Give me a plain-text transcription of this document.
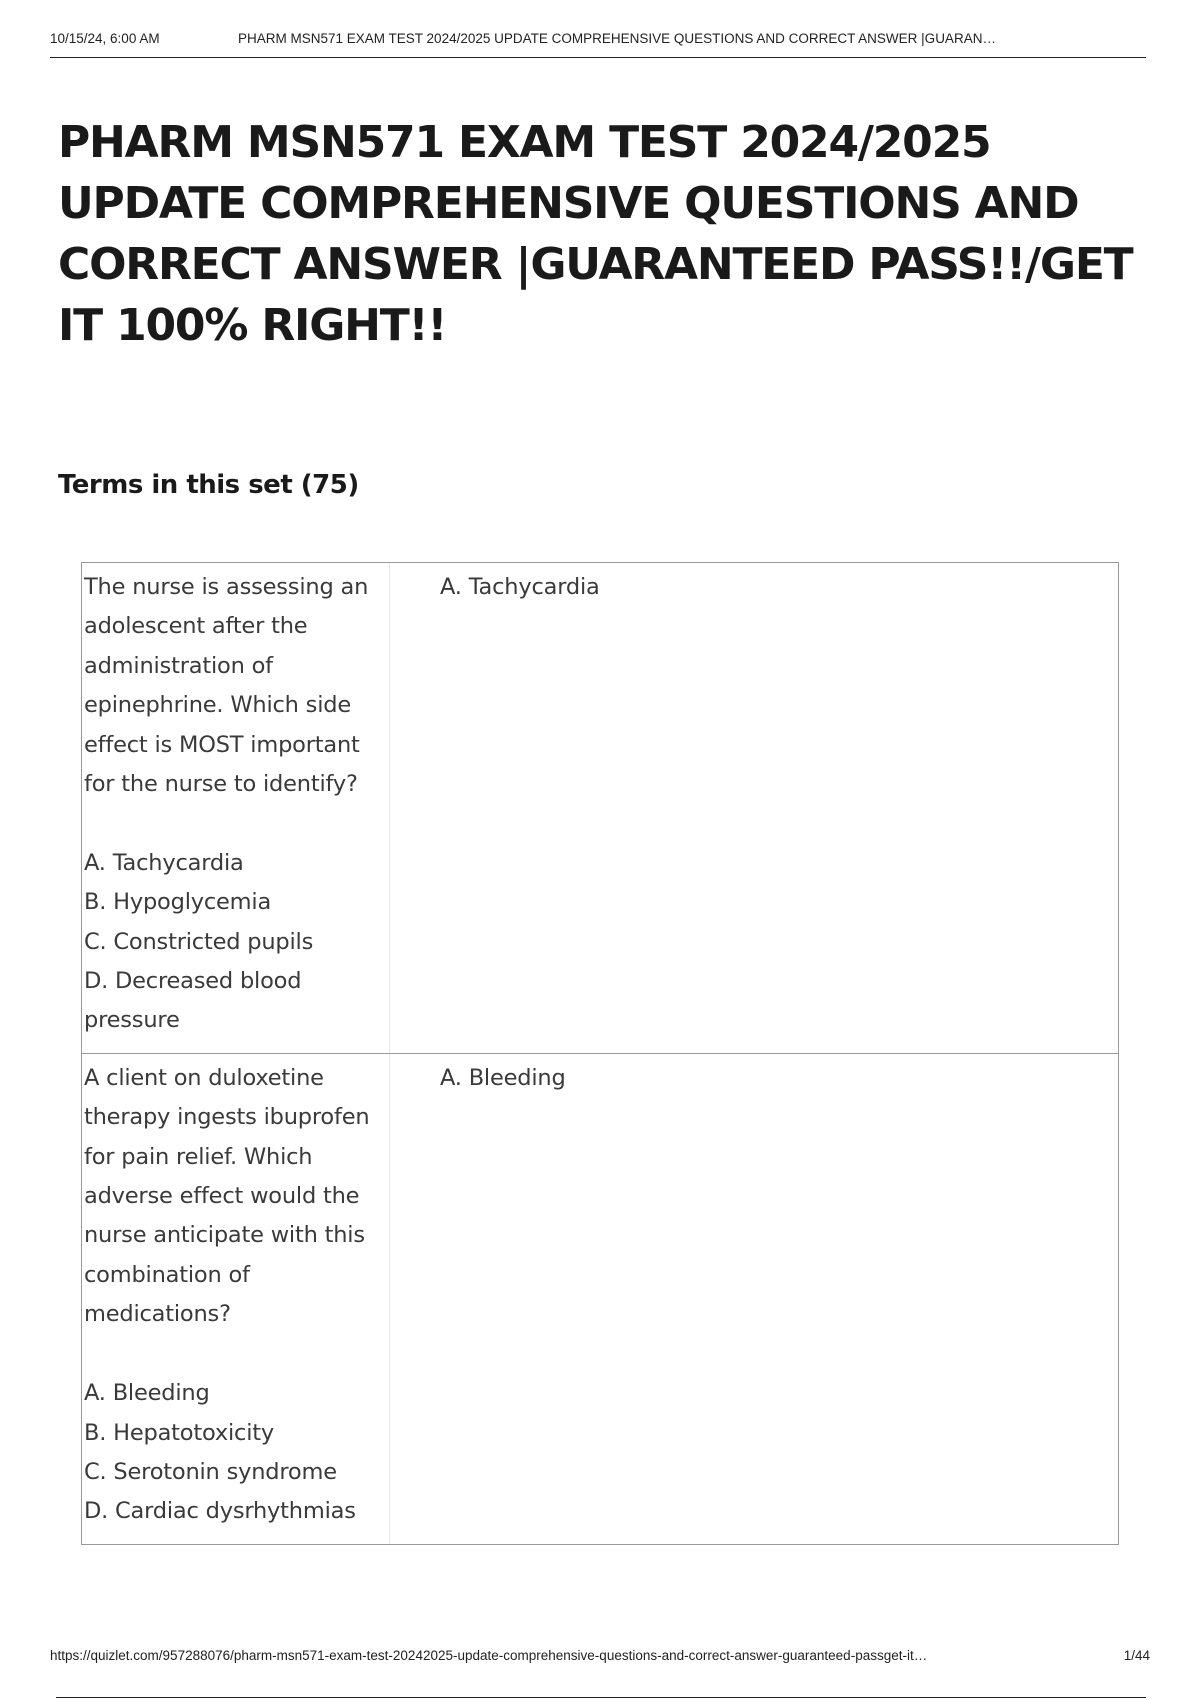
10/15/24, 6:00 AM	PHARM MSN571 EXAM TEST 2024/2025 UPDATE COMPREHENSIVE QUESTIONS AND CORRECT ANSWER |GUARAN…
PHARM MSN571 EXAM TEST 2024/2025
UPDATE COMPREHENSIVE QUESTIONS AND
CORRECT ANSWER |GUARANTEED PASS!!/GET
IT 100% RIGHT!!
Terms in this set (75)
The nurse is assessing an
adolescent after the
administration of
epinephrine. Which side
effect is MOST important
for the nurse to identify?
A. Tachycardia
B. Hypoglycemia
C. Constricted pupils
D. Decreased blood
pressure
A. Tachycardia
A client on duloxetine
therapy ingests ibuprofen
for pain relief. Which
adverse effect would the
nurse anticipate with this
combination of
medications?
A. Bleeding
B. Hepatotoxicity
C. Serotonin syndrome
D. Cardiac dysrhythmias
A. Bleeding
https://quizlet.com/957288076/pharm-msn571-exam-test-20242025-update-comprehensive-questions-and-correct-answer-guaranteed-passget-it…	1/44
